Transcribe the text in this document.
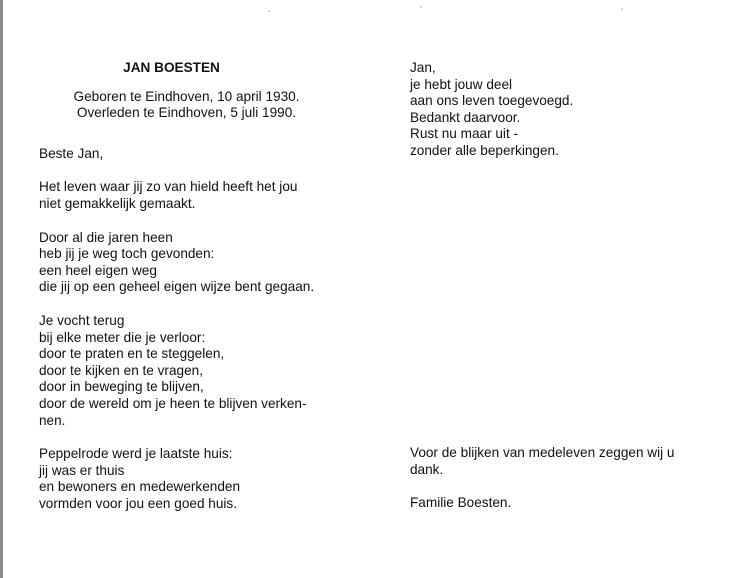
JAN BOESTEN

Geboren te Eindhoven, 10 april 1930.
Overleden te Eindhoven, 5 juli 1990.

Beste Jan,

Het leven waar jij zo van hield heeft het jou
niet gemakkelijk gemaakt.

Door al die jaren heen
heb jij je weg toch gevonden:
een heel eigen weg
die jij op een geheel eigen wijze bent gegaan.

Je vocht terug
bij elke meter die je verloor:
door te praten en te steggelen,
door te kijken en te vragen,
door in beweging te blijven,
door de wereld om je heen te blijven verken-
nen.

Peppelrode werd je laatste huis:
jij was er thuis
en bewoners en medewerkenden
vormden voor jou een goed huis.

Jan,
je hebt jouw deel
aan ons leven toegevoegd.
Bedankt daarvoor.
Rust nu maar uit -
zonder alle beperkingen.

Voor de blijken van medeleven zeggen wij u
dank.

Familie Boesten.
